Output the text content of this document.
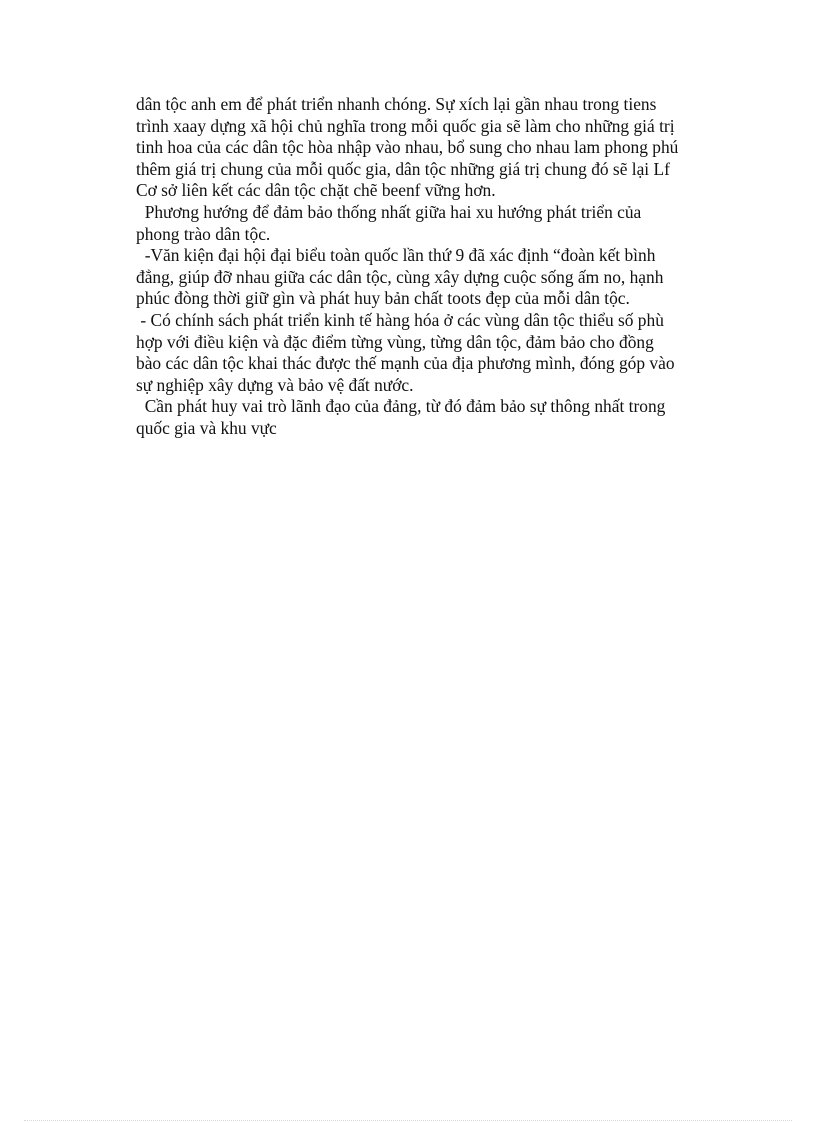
dân tộc anh em để phát triển nhanh chóng. Sự xích lại gần nhau trong tiens
trình xaay dựng xã hội chủ nghĩa trong mỗi quốc gia sẽ làm cho những giá trị
tinh hoa của các dân tộc hòa nhập vào nhau, bổ sung cho nhau lam phong phú
thêm giá trị chung của mỗi quốc gia, dân tộc những giá trị chung đó sẽ lại Lf
Cơ sở liên kết các dân tộc chặt chẽ beenf vững hơn.
Phương hướng để đảm bảo thống nhất giữa hai xu hướng phát triển của
phong trào dân tộc.
-Văn kiện đại hội đại biểu toàn quốc lần thứ 9 đã xác định “đoàn kết bình
đẳng, giúp đỡ nhau giữa các dân tộc, cùng xây dựng cuộc sống ấm no, hạnh
phúc đòng thời giữ gìn và phát huy bản chất toots đẹp của mỗi dân tộc.
- Có chính sách phát triển kinh tế hàng hóa ở các vùng dân tộc thiểu số phù
hợp với điều kiện và đặc điểm từng vùng, từng dân tộc, đảm bảo cho đồng
bào các dân tộc khai thác được thế mạnh của địa phương mình, đóng góp vào
sự nghiệp xây dựng và bảo vệ đất nước.
Cần phát huy vai trò lãnh đạo của đảng, từ đó đảm bảo sự thông nhất trong
quốc gia và khu vực
